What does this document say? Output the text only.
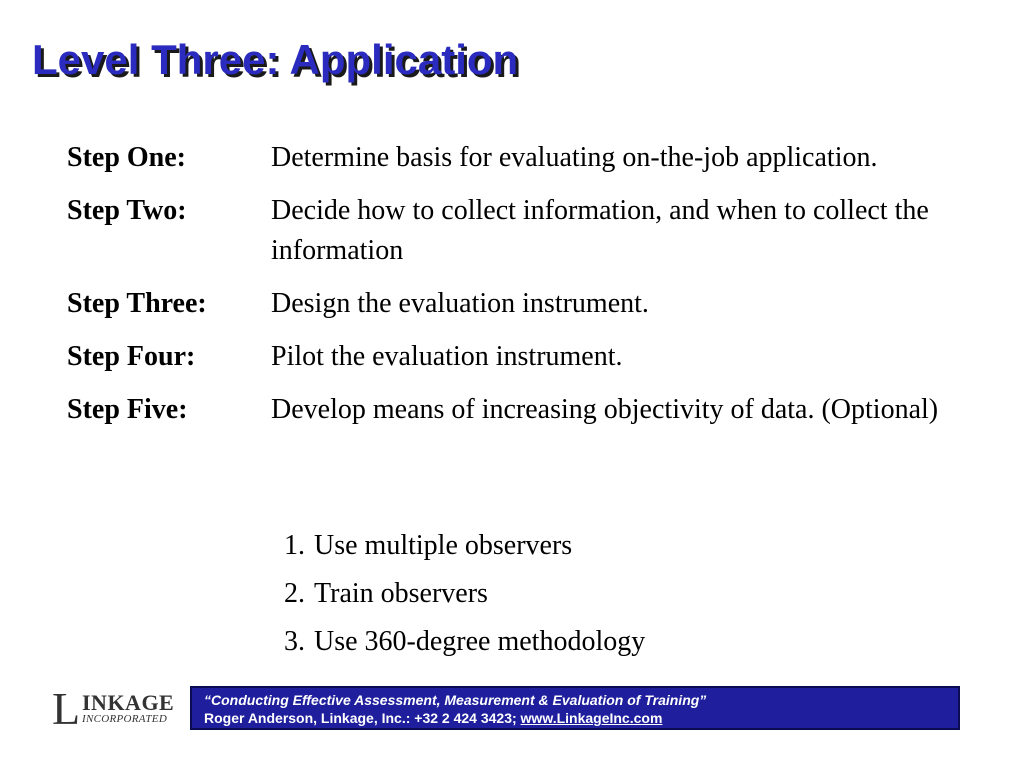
Level Three: Application
Step One:	Determine basis for evaluating on-the-job application.
Step Two:	Decide how to collect information, and when to collect the information
Step Three:	Design the evaluation instrument.
Step Four:	Pilot the evaluation instrument.
Step Five:	Develop means of increasing objectivity of data. (Optional)
1. Use multiple observers
2. Train observers
3. Use 360-degree methodology
L INKAGE
INCORPORATED
“Conducting Effective Assessment, Measurement & Evaluation of Training”
Roger Anderson, Linkage, Inc.: +32 2 424 3423; www.LinkageInc.com
